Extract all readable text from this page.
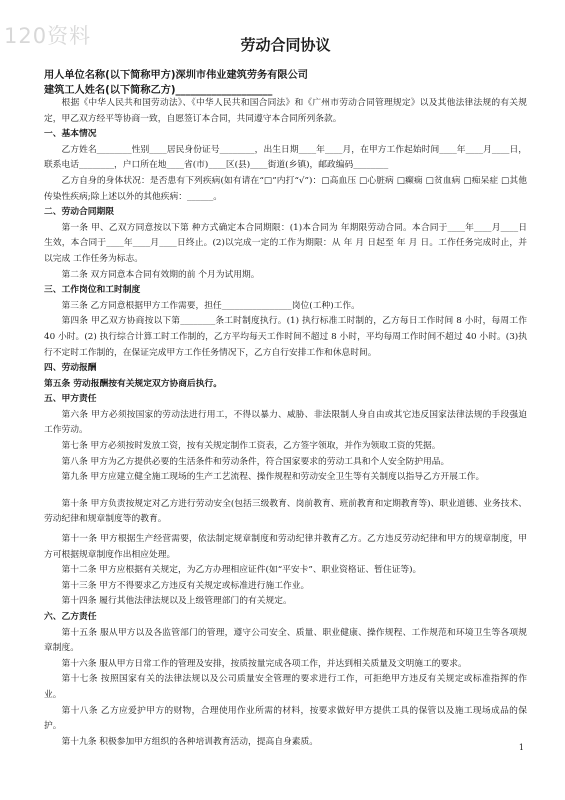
120资料	劳动合同协议
用人单位名称(以下简称甲方)深圳市伟业建筑劳务有限公司
建筑工人姓名(以下简称乙方)___________________

根据《中华人民共和国劳动法》、《中华人民共和国合同法》和《广州市劳动合同管理规定》以及其他法律法规的有关规定，甲乙双方经平等协商一致，自愿签订本合同，共同遵守本合同所列条款。

一、基本情况

乙方姓名________性别____居民身份证号________，出生日期____年____月，在甲方工作起始时间____年____月____日，联系电话________，户口所在地____省(市)____区(县)____街道(乡镇)，邮政编码________

乙方自身的身体状况：是否患有下列疾病(如有请在“□”内打“√”)：□高血压 □心脏病 □癫痫 □贫血病 □痴呆症 □其他传染性疾病;除上述以外的其他疾病：______。

二、劳动合同期限

第一条 甲、乙双方同意按以下第 种方式确定本合同期限：(1)本合同为 年期限劳动合同。本合同于____年____月____日生效，本合同于____年____月____日终止。(2)以完成一定的工作为期限：从 年 月 日起至 年 月 日。工作任务完成时止，并以完成 工作任务为标志。

第二条 双方同意本合同有效期的前 个月为试用期。

三、工作岗位和工时制度

第三条 乙方同意根据甲方工作需要，担任________________岗位(工种)工作。

第四条 甲乙双方协商按以下第________条工时制度执行。(1) 执行标准工时制的，乙方每日工作时间 8 小时，每周工作 40 小时。(2) 执行综合计算工时工作制的，乙方平均每天工作时间不超过 8 小时，平均每周工作时间不超过 40 小时。(3)执行不定时工作制的，在保证完成甲方工作任务情况下，乙方自行安排工作和休息时间。

四、劳动报酬

第五条 劳动报酬按有关规定双方协商后执行。

五、甲方责任

第六条 甲方必须按国家的劳动法进行用工，不得以暴力、威胁、非法限制人身自由或其它违反国家法律法规的手段强迫工作劳动。

第七条 甲方必须按时发放工资，按有关规定制作工资表，乙方签字领取，并作为领取工资的凭据。

第八条 甲方为乙方提供必要的生活条件和劳动条件，符合国家要求的劳动工具和个人安全防护用品。

第九条 甲方应建立健全施工现场的生产工艺流程、操作规程和劳动安全卫生等有关制度以指导乙方开展工作。

第十条 甲方负责按规定对乙方进行劳动安全(包括三级教育、岗前教育、班前教育和定期教育等)、职业道德、业务技术、劳动纪律和规章制度等的教育。

第十一条 甲方根据生产经营需要，依法制定规章制度和劳动纪律并教育乙方。乙方违反劳动纪律和甲方的规章制度，甲方可根据规章制度作出相应处理。

第十二条 甲方应根据有关规定，为乙方办理相应证件(如“平安卡”、职业资格证、暂住证等)。

第十三条 甲方不得要求乙方违反有关规定或标准进行施工作业。

第十四条 履行其他法律法规以及上级管理部门的有关规定。

六、乙方责任

第十五条 服从甲方以及各监管部门的管理，遵守公司安全、质量、职业健康、操作规程、工作规范和环境卫生等各项规章制度。

第十六条 服从甲方日常工作的管理及安排，按质按量完成各项工作，并达到相关质量及文明施工的要求。

第十七条 按照国家有关的法律法规以及公司质量安全管理的要求进行工作，可拒绝甲方违反有关规定或标准指挥的作业。

第十八条 乙方应爱护甲方的财物，合理使用作业所需的材料，按要求做好甲方提供工具的保管以及施工现场成品的保护。

第十九条 积极参加甲方组织的各种培训教育活动，提高自身素质。

1
